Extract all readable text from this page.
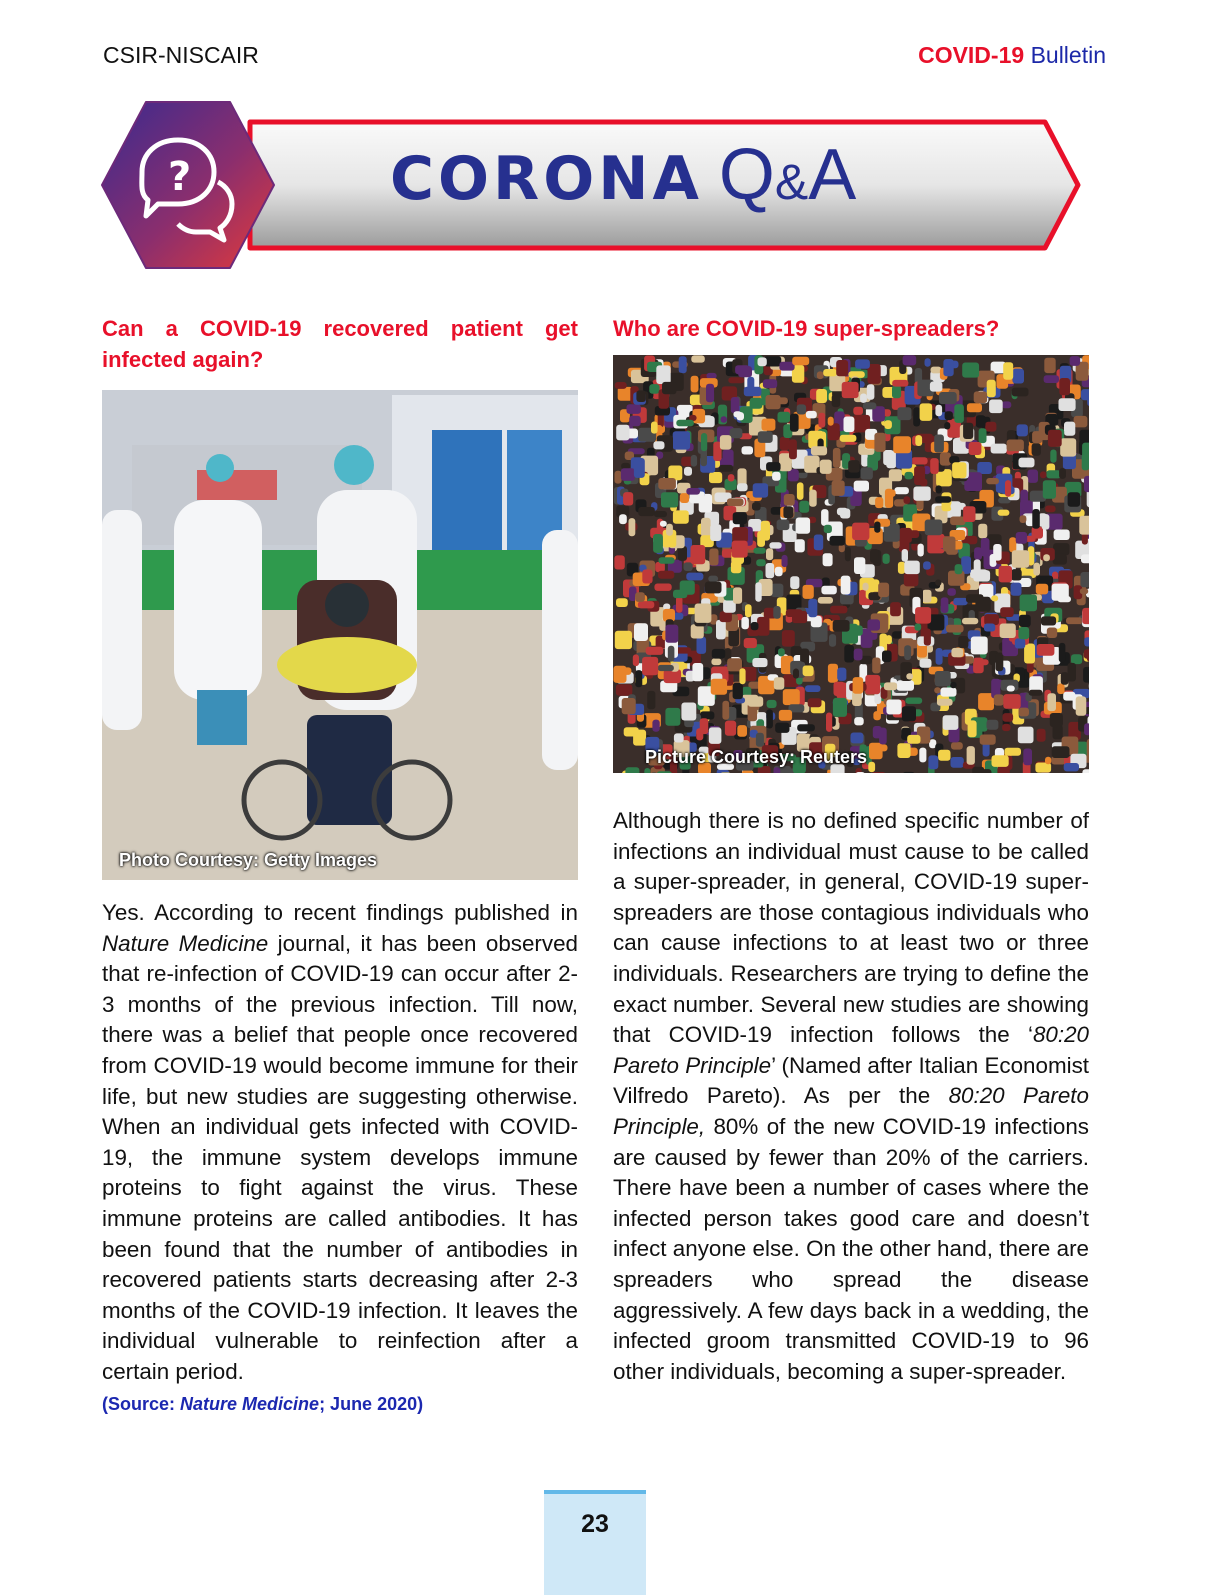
CSIR-NISCAIR	COVID-19 Bulletin
?	CORONA Q & A

Can a COVID-19 recovered patient get infected again?

Photo Courtesy: Getty Images

Yes. According to recent findings published in Nature Medicine journal, it has been observed that re-infection of COVID-19 can occur after 2-3 months of the previous infection. Till now, there was a belief that people once recovered from COVID-19 would become immune for their life, but new studies are suggesting otherwise. When an individual gets infected with COVID-19, the immune system develops immune proteins to fight against the virus. These immune proteins are called antibodies. It has been found that the number of antibodies in recovered patients starts decreasing after 2-3 months of the COVID-19 infection. It leaves the individual vulnerable to reinfection after a certain period.

(Source: Nature Medicine; June 2020)

Who are COVID-19 super-spreaders?

Picture Courtesy: Reuters

Although there is no defined specific number of infections an individual must cause to be called a super-spreader, in general, COVID-19 super-spreaders are those contagious individuals who can cause infections to at least two or three individuals. Researchers are trying to define the exact number. Several new studies are showing that COVID-19 infection follows the ‘80:20 Pareto Principle’ (Named after Italian Economist Vilfredo Pareto). As per the 80:20 Pareto Principle, 80% of the new COVID-19 infections are caused by fewer than 20% of the carriers. There have been a number of cases where the infected person takes good care and doesn’t infect anyone else. On the other hand, there are spreaders who spread the disease aggressively. A few days back in a wedding, the infected groom transmitted COVID-19 to 96 other individuals, becoming a super-spreader.

23
